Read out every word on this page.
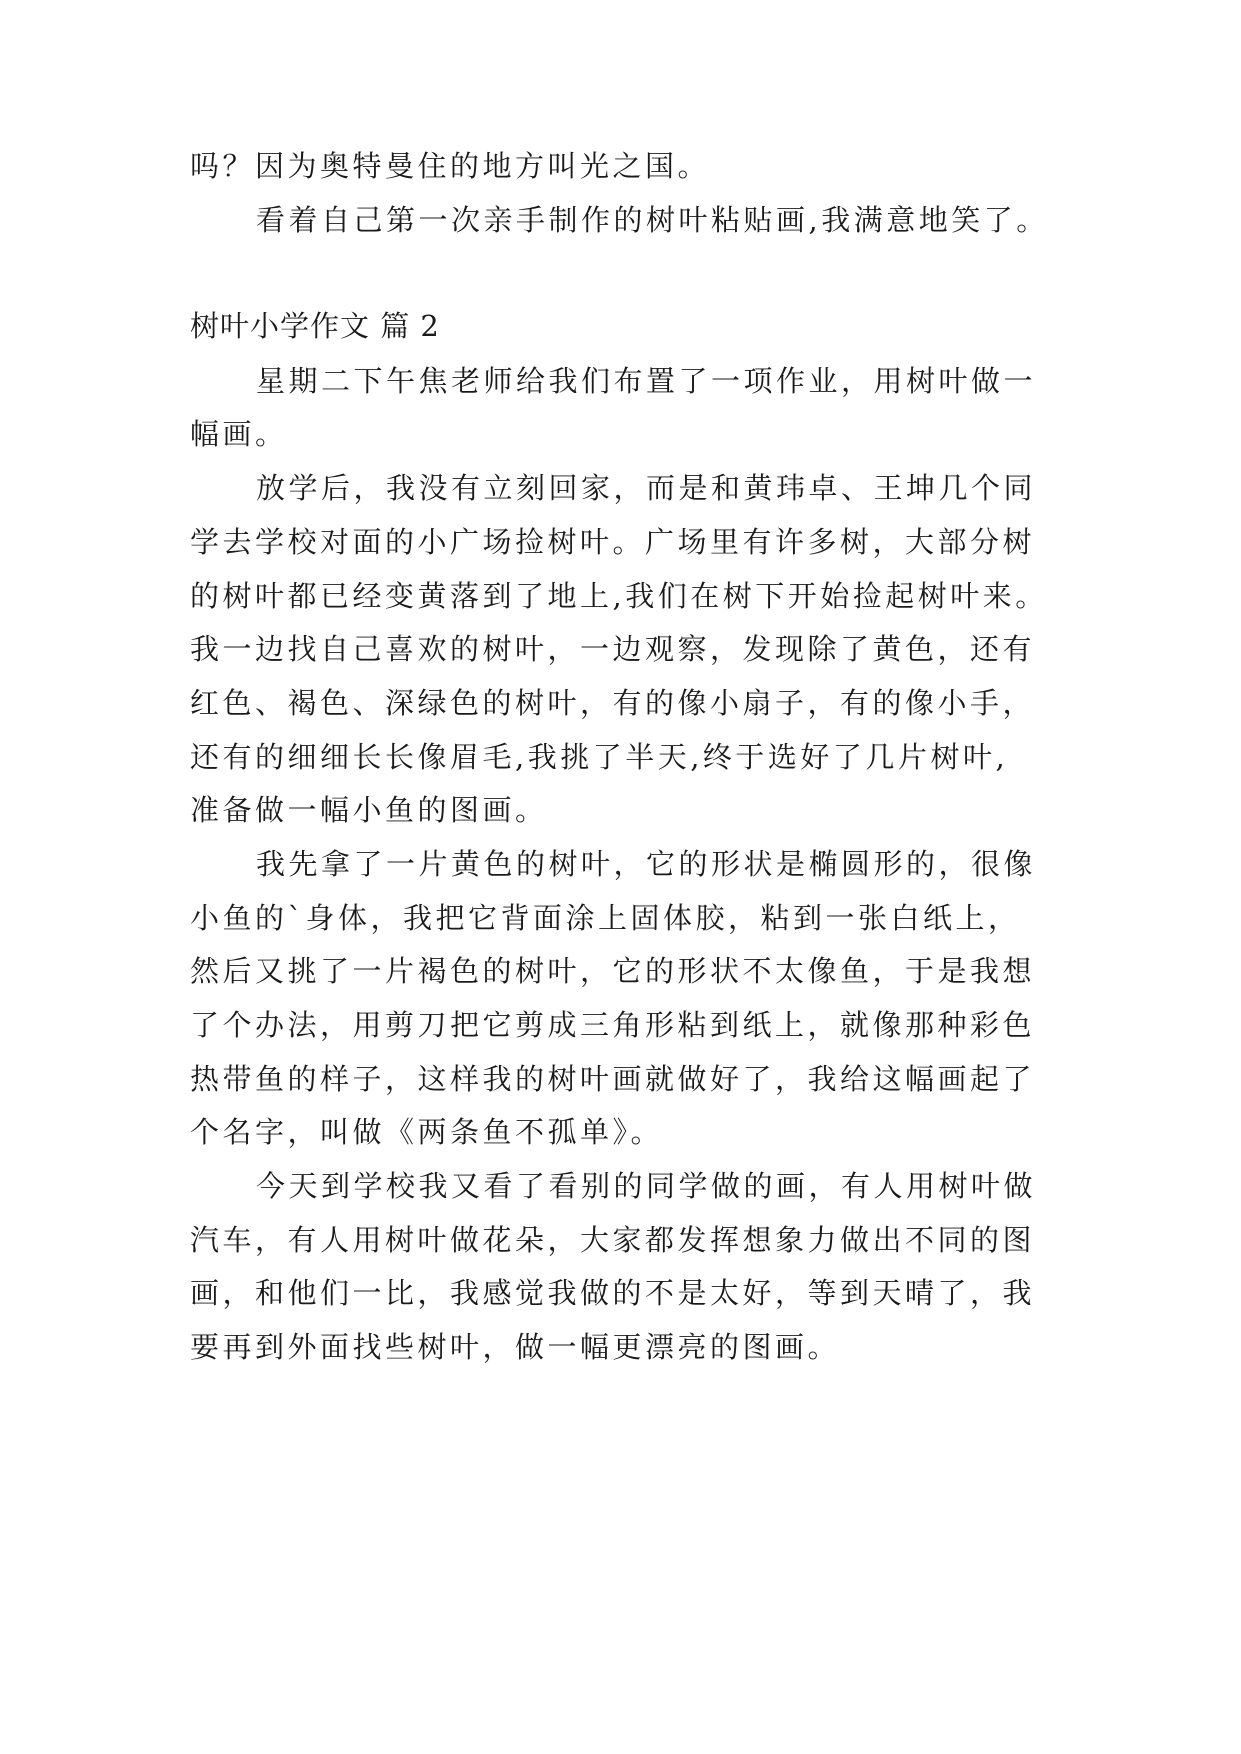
吗？因为奥特曼住的地方叫光之国。

看着自己第一次亲手制作的树叶粘贴画,我满意地笑了。

树叶小学作文 篇 2

星期二下午焦老师给我们布置了一项作业，用树叶做一

幅画。

放学后，我没有立刻回家，而是和黄玮卓、王坤几个同

学去学校对面的小广场捡树叶。广场里有许多树，大部分树

的树叶都已经变黄落到了地上,我们在树下开始捡起树叶来。

我一边找自己喜欢的树叶，一边观察，发现除了黄色，还有

红色、褐色、深绿色的树叶，有的像小扇子，有的像小手，

还有的细细长长像眉毛,我挑了半天,终于选好了几片树叶,

准备做一幅小鱼的图画。

我先拿了一片黄色的树叶，它的形状是椭圆形的，很像

小鱼的`身体，我把它背面涂上固体胶，粘到一张白纸上，

然后又挑了一片褐色的树叶，它的形状不太像鱼，于是我想

了个办法，用剪刀把它剪成三角形粘到纸上，就像那种彩色

热带鱼的样子，这样我的树叶画就做好了，我给这幅画起了

个名字，叫做《两条鱼不孤单》。

今天到学校我又看了看别的同学做的画，有人用树叶做

汽车，有人用树叶做花朵，大家都发挥想象力做出不同的图

画，和他们一比，我感觉我做的不是太好，等到天晴了，我

要再到外面找些树叶，做一幅更漂亮的图画。
